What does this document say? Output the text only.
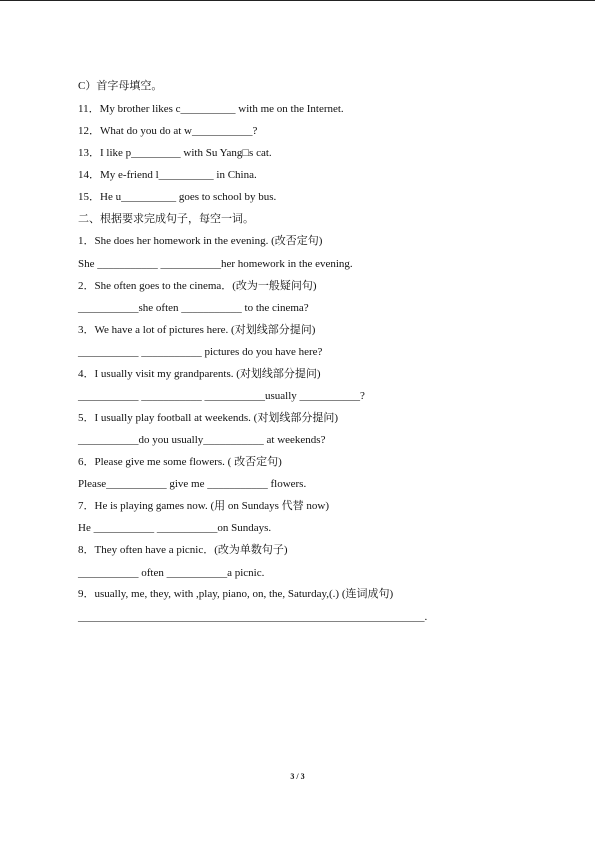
C）首字母填空。
11．My brother likes c__________ with me on the Internet.
12．What do you do at w___________?
13．I like p_________ with Su Yang□s cat.
14．My e-friend l__________ in China.
15．He u__________ goes to school by bus.
二、根据要求完成句子，每空一词。
1．She does her homework in the evening. (改否定句)
She ___________ ___________her homework in the evening.
2．She often goes to the cinema．(改为一般疑问句)
___________she often ___________ to the cinema?
3．We have a lot of pictures here. (对划线部分提问)
___________ ___________ pictures do you have here?
4．I usually visit my grandparents. (对划线部分提问)
___________ ___________ ___________usually ___________?
5．I usually play football at weekends. (对划线部分提问)
___________do you usually___________ at weekends?
6．Please give me some flowers. ( 改否定句)
Please___________ give me ___________ flowers.
7．He is playing games now. (用 on Sundays 代替 now)
He ___________ ___________on Sundays.
8．They often have a picnic．(改为单数句子)
___________ often ___________a picnic.
9．usually, me, they, with ,play, piano, on, the, Saturday,(.) (连词成句)
_______________________________________________________________.
3 / 3
